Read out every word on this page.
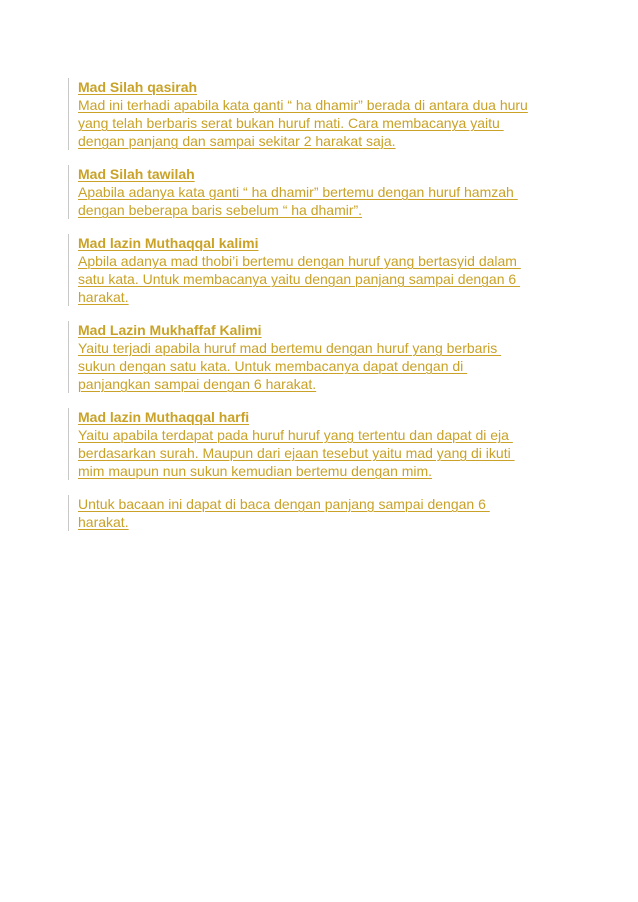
Mad Silah qasirah
Mad ini terhadi apabila kata ganti “ ha dhamir” berada di antara dua huru
yang telah berbaris serat bukan huruf mati. Cara membacanya yaitu
dengan panjang dan sampai sekitar 2 harakat saja.
Mad Silah tawilah
Apabila adanya kata ganti “ ha dhamir” bertemu dengan huruf hamzah
dengan beberapa baris sebelum “ ha dhamir”.
Mad lazin Muthaqqal kalimi
Apbila adanya mad thobi’i bertemu dengan huruf yang bertasyid dalam
satu kata. Untuk membacanya yaitu dengan panjang sampai dengan 6
harakat.
Mad Lazin Mukhaffaf Kalimi
Yaitu terjadi apabila huruf mad bertemu dengan huruf yang berbaris
sukun dengan satu kata. Untuk membacanya dapat dengan di
panjangkan sampai dengan 6 harakat.
Mad lazin Muthaqqal harfi
Yaitu apabila terdapat pada huruf huruf yang tertentu dan dapat di eja
berdasarkan surah. Maupun dari ejaan tesebut yaitu mad yang di ikuti
mim maupun nun sukun kemudian bertemu dengan mim.
Untuk bacaan ini dapat di baca dengan panjang sampai dengan 6
harakat.
